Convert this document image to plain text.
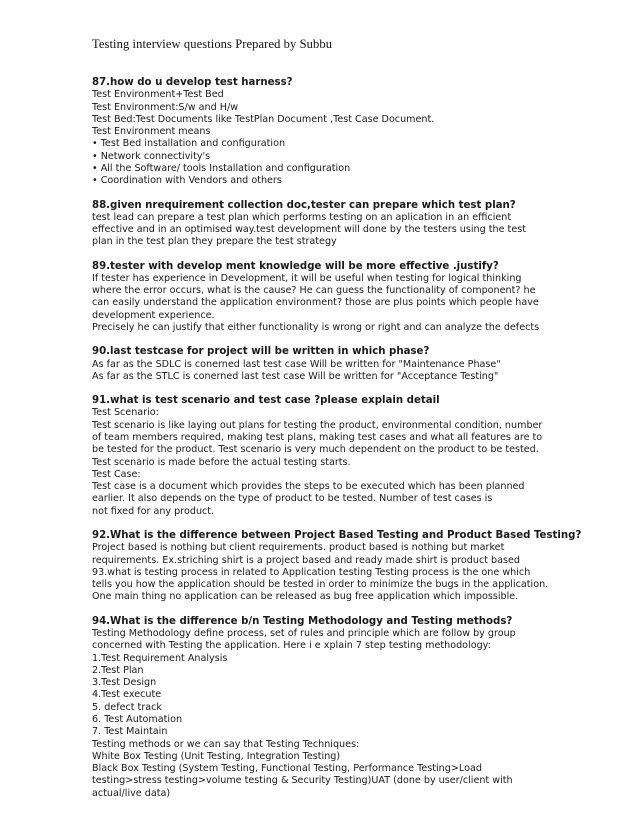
Testing interview questions Prepared by Subbu

87.how do u develop test harness?

Test Environment+Test Bed

Test Environment:S/w and H/w

Test Bed:Test Documents like TestPlan Document ,Test Case Document.

Test Environment means

• Test Bed installation and configuration

• Network connectivity's

• All the Software/ tools Installation and configuration

• Coordination with Vendors and others

88.given nrequirement collection doc,tester can prepare which test plan?

test lead can prepare a test plan which performs testing on an aplication in an efficient

effective and in an optimised way.test development will done by the testers using the test

plan in the test plan they prepare the test strategy

89.tester with develop ment knowledge will be more effective .justify?

If tester has experience in Development, it will be useful when testing for logical thinking

where the error occurs, what is the cause? He can guess the functionality of component? he

can easily understand the application environment? those are plus points which people have

development experience.

Precisely he can justify that either functionality is wrong or right and can analyze the defects

90.last testcase for project will be written in which phase?

As far as the SDLC is conerned last test case Will be written for "Maintenance Phase"

As far as the STLC is conerned last test case Will be written for "Acceptance Testing"

91.what is test scenario and test case ?please explain detail

Test Scenario:

Test scenario is like laying out plans for testing the product, environmental condition, number

of team members required, making test plans, making test cases and what all features are to

be tested for the product. Test scenario is very much dependent on the product to be tested.

Test scenario is made before the actual testing starts.

Test Case:

Test case is a document which provides the steps to be executed which has been planned

earlier. It also depends on the type of product to be tested. Number of test cases is

not fixed for any product.

92.What is the difference between Project Based Testing and Product Based Testing?

Project based is nothing but client requirements. product based is nothing but market

requirements. Ex.striching shirt is a project based and ready made shirt is product based

93.what is testing process in related to Application testing Testing process is the one which

tells you how the application should be tested in order to minimize the bugs in the application.

One main thing no application can be released as bug free application which impossible.

94.What is the difference b/n Testing Methodology and Testing methods?

Testing Methodology define process, set of rules and principle which are follow by group

concerned with Testing the application. Here i e xplain 7 step testing methodology:

1.Test Requirement Analysis

2.Test Plan

3.Test Design

4.Test execute

5. defect track

6. Test Automation

7. Test Maintain

Testing methods or we can say that Testing Techniques:

White Box Testing (Unit Testing, Integration Testing)

Black Box Testing (System Testing, Functional Testing, Performance Testing>Load

testing>stress testing>volume testing & Security Testing)UAT (done by user/client with

actual/live data)
